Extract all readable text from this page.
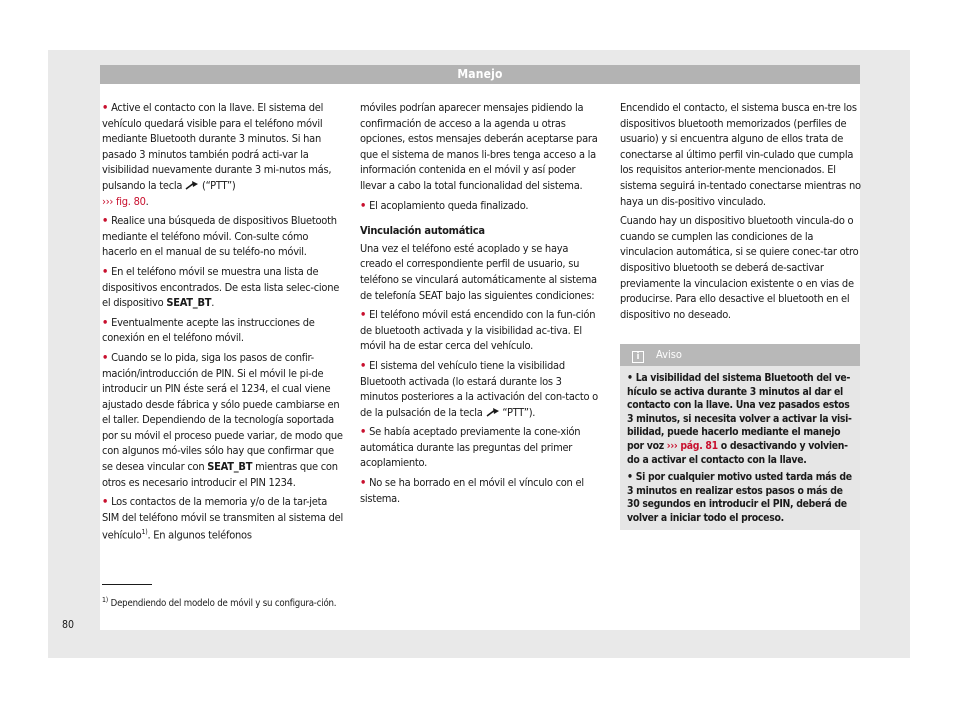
Manejo

• Active el contacto con la llave. El sistema del vehículo quedará visible para el teléfono móvil mediante Bluetooth durante 3 minutos. Si han pasado 3 minutos también podrá acti-var la visibilidad nuevamente durante 3 mi-nutos más, pulsando la tecla (“PTT”)
››› fig. 80.

• Realice una búsqueda de dispositivos Bluetooth mediante el teléfono móvil. Con-sulte cómo hacerlo en el manual de su teléfo-no móvil.

• En el teléfono móvil se muestra una lista de dispositivos encontrados. De esta lista selec-cione el dispositivo SEAT_BT.

• Eventualmente acepte las instrucciones de conexión en el teléfono móvil.

• Cuando se lo pida, siga los pasos de confir-mación/introducción de PIN. Si el móvil le pi-de introducir un PIN éste será el 1234, el cual viene ajustado desde fábrica y sólo puede cambiarse en el taller. Dependiendo de la tecnología soportada por su móvil el proceso puede variar, de modo que con algunos mó-viles sólo hay que confirmar que se desea vincular con SEAT_BT mientras que con otros es necesario introducir el PIN 1234.

• Los contactos de la memoria y/o de la tar-jeta SIM del teléfono móvil se transmiten al sistema del vehículo$^{1)}$. En algunos teléfonos

móviles podrían aparecer mensajes pidiendo la confirmación de acceso a la agenda u otras opciones, estos mensajes deberán aceptarse para que el sistema de manos li-bres tenga acceso a la información contenida en el móvil y así poder llevar a cabo la total funcionalidad del sistema.

• El acoplamiento queda finalizado.

Vinculación automática

Una vez el teléfono esté acoplado y se haya creado el correspondiente perfil de usuario, su teléfono se vinculará automáticamente al sistema de telefonía SEAT bajo las siguientes condiciones:

• El teléfono móvil está encendido con la fun-ción de bluetooth activada y la visibilidad ac-tiva. El móvil ha de estar cerca del vehículo.

• El sistema del vehículo tiene la visibilidad Bluetooth activada (lo estará durante los 3 minutos posteriores a la activación del con-tacto o de la pulsación de la tecla “PTT”).

• Se había aceptado previamente la cone-xión automática durante las preguntas del primer acoplamiento.

• No se ha borrado en el móvil el vínculo con el sistema.

Encendido el contacto, el sistema busca en-tre los dispositivos bluetooth memorizados (perfiles de usuario) y si encuentra alguno de ellos trata de conectarse al último perfil vin-culado que cumpla los requisitos anterior-mente mencionados. El sistema seguirá in-tentado conectarse mientras no haya un dis-positivo vinculado.

Cuando hay un dispositivo bluetooth vincula-do o cuando se cumplen las condiciones de la vinculacion automática, si se quiere conec-tar otro dispositivo bluetooth se deberá de-sactivar previamente la vinculacion existente o en vias de producirse. Para ello desactive el bluetooth en el dispositivo no deseado.

i Aviso

• La visibilidad del sistema Bluetooth del ve-hículo se activa durante 3 minutos al dar el contacto con la llave. Una vez pasados estos 3 minutos, si necesita volver a activar la visi-bilidad, puede hacerlo mediante el manejo por voz ››› pág. 81 o desactivando y volvien-do a activar el contacto con la llave.

• Si por cualquier motivo usted tarda más de 3 minutos en realizar estos pasos o más de 30 segundos en introducir el PIN, deberá de volver a iniciar todo el proceso.

$^{1)}$ Dependiendo del modelo de móvil y su configura-ción.
80
